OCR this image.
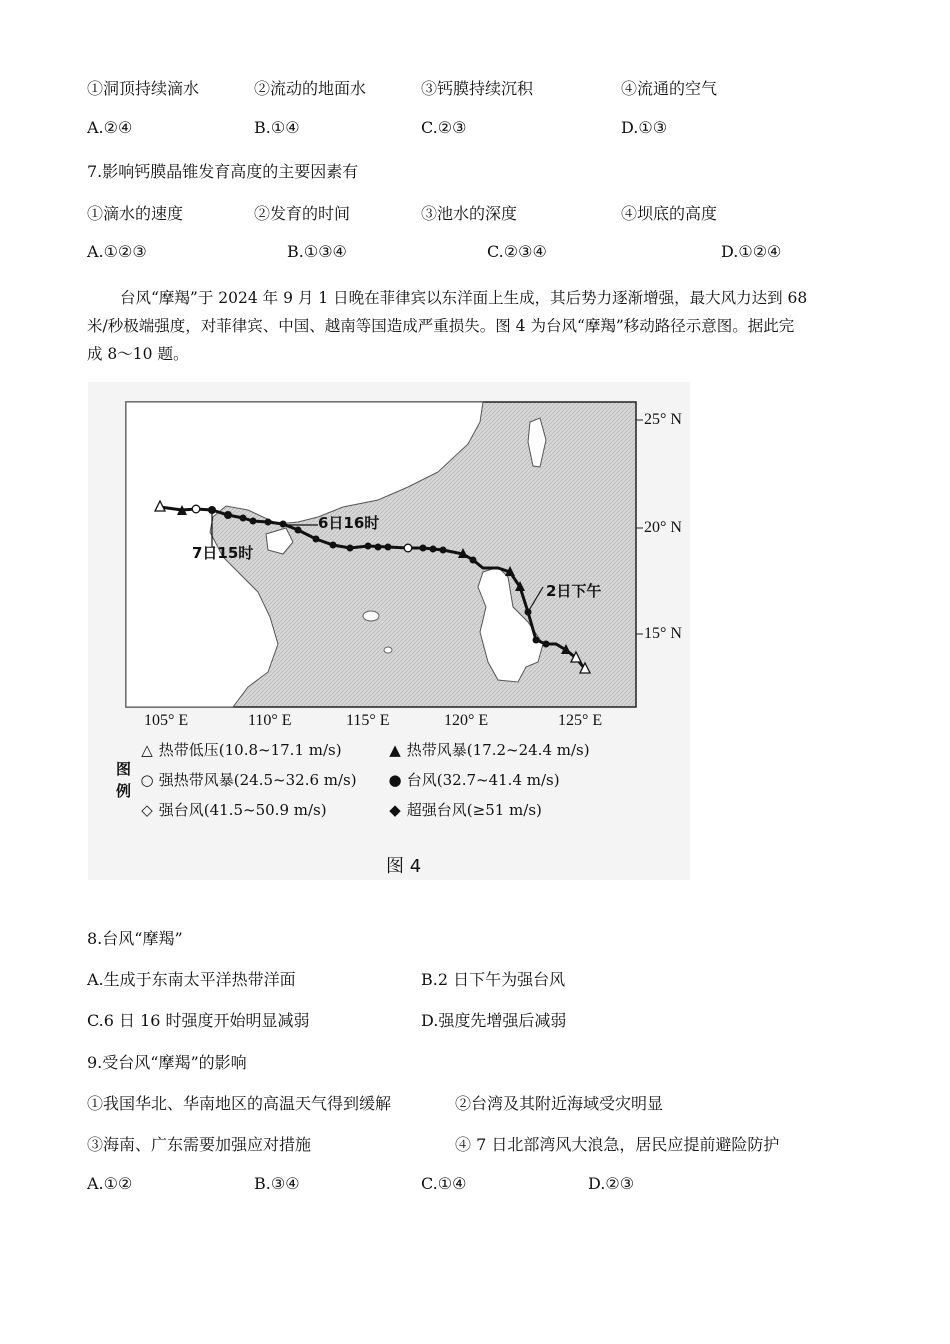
①洞顶持续滴水	②流动的地面水	③钙膜持续沉积	④流通的空气
A.②④	B.①④	C.②③	D.①③
7.影响钙膜晶锥发育高度的主要因素有
①滴水的速度	②发育的时间	③池水的深度	④坝底的高度
A.①②③	B.①③④	C.②③④	D.①②④
台风“摩羯”于 2024 年 9 月 1 日晚在菲律宾以东洋面上生成，其后势力逐渐增强，最大风力达到 68
米/秒极端强度，对菲律宾、中国、越南等国造成严重损失。图 4 为台风“摩羯”移动路径示意图。据此完
成 8～10 题。
6日16时
7日15时
2日下午
25° N
20° N
15° N
105° E	110° E	115° E	120° E	125° E
图
例
△ 热带低压(10.8~17.1 m/s)	▲ 热带风暴(17.2~24.4 m/s)
○ 强热带风暴(24.5~32.6 m/s) ● 台风(32.7~41.4 m/s)
◇ 强台风(41.5~50.9 m/s)	◆ 超强台风(≥51 m/s)
图 4
8.台风“摩羯”
A.生成于东南太平洋热带洋面	B.2 日下午为强台风
C.6 日 16 时强度开始明显减弱	D.强度先增强后减弱
9.受台风“摩羯”的影响
①我国华北、华南地区的高温天气得到缓解	②台湾及其附近海域受灾明显
③海南、广东需要加强应对措施	④ 7 日北部湾风大浪急，居民应提前避险防护
A.①②	B.③④	C.①④	D.②③
